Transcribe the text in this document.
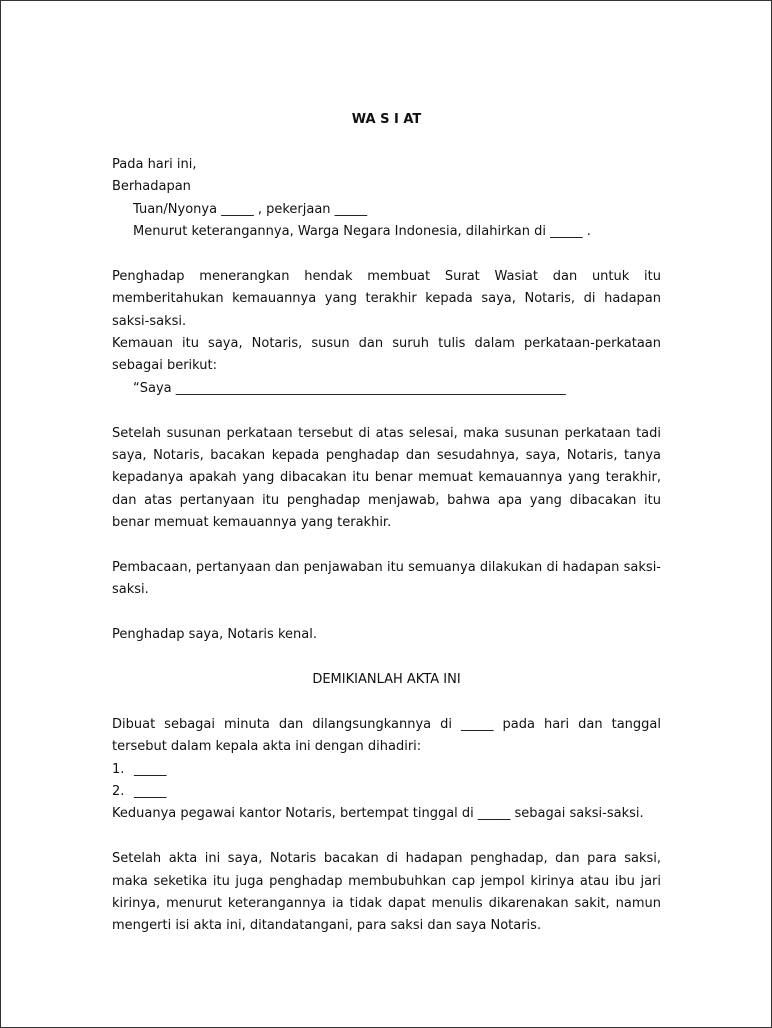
WA S I AT

Pada hari ini,

Berhadapan

Tuan/Nyonya _____ , pekerjaan _____

Menurut keterangannya, Warga Negara Indonesia, dilahirkan di _____ .

Penghadap menerangkan hendak membuat Surat Wasiat dan untuk itu memberitahukan kemauannya yang terakhir kepada saya, Notaris, di hadapan saksi-saksi.

Kemauan itu saya, Notaris, susun dan suruh tulis dalam perkataan-perkataan sebagai berikut:

“Saya ____________________________________________________________

Setelah susunan perkataan tersebut di atas selesai, maka susunan perkataan tadi saya, Notaris, bacakan kepada penghadap dan sesudahnya, saya, Notaris, tanya kepadanya apakah yang dibacakan itu benar memuat kemauannya yang terakhir, dan atas pertanyaan itu penghadap menjawab, bahwa apa yang dibacakan itu benar memuat kemauannya yang terakhir.

Pembacaan, pertanyaan dan penjawaban itu semuanya dilakukan di hadapan saksi-saksi.

Penghadap saya, Notaris kenal.

DEMIKIANLAH AKTA INI

Dibuat sebagai minuta dan dilangsungkannya di _____ pada hari dan tanggal tersebut dalam kepala akta ini dengan dihadiri:

1. _____
2. _____

Keduanya pegawai kantor Notaris, bertempat tinggal di _____ sebagai saksi-saksi.

Setelah akta ini saya, Notaris bacakan di hadapan penghadap, dan para saksi, maka seketika itu juga penghadap membubuhkan cap jempol kirinya atau ibu jari kirinya, menurut keterangannya ia tidak dapat menulis dikarenakan sakit, namun mengerti isi akta ini, ditandatangani, para saksi dan saya Notaris.
